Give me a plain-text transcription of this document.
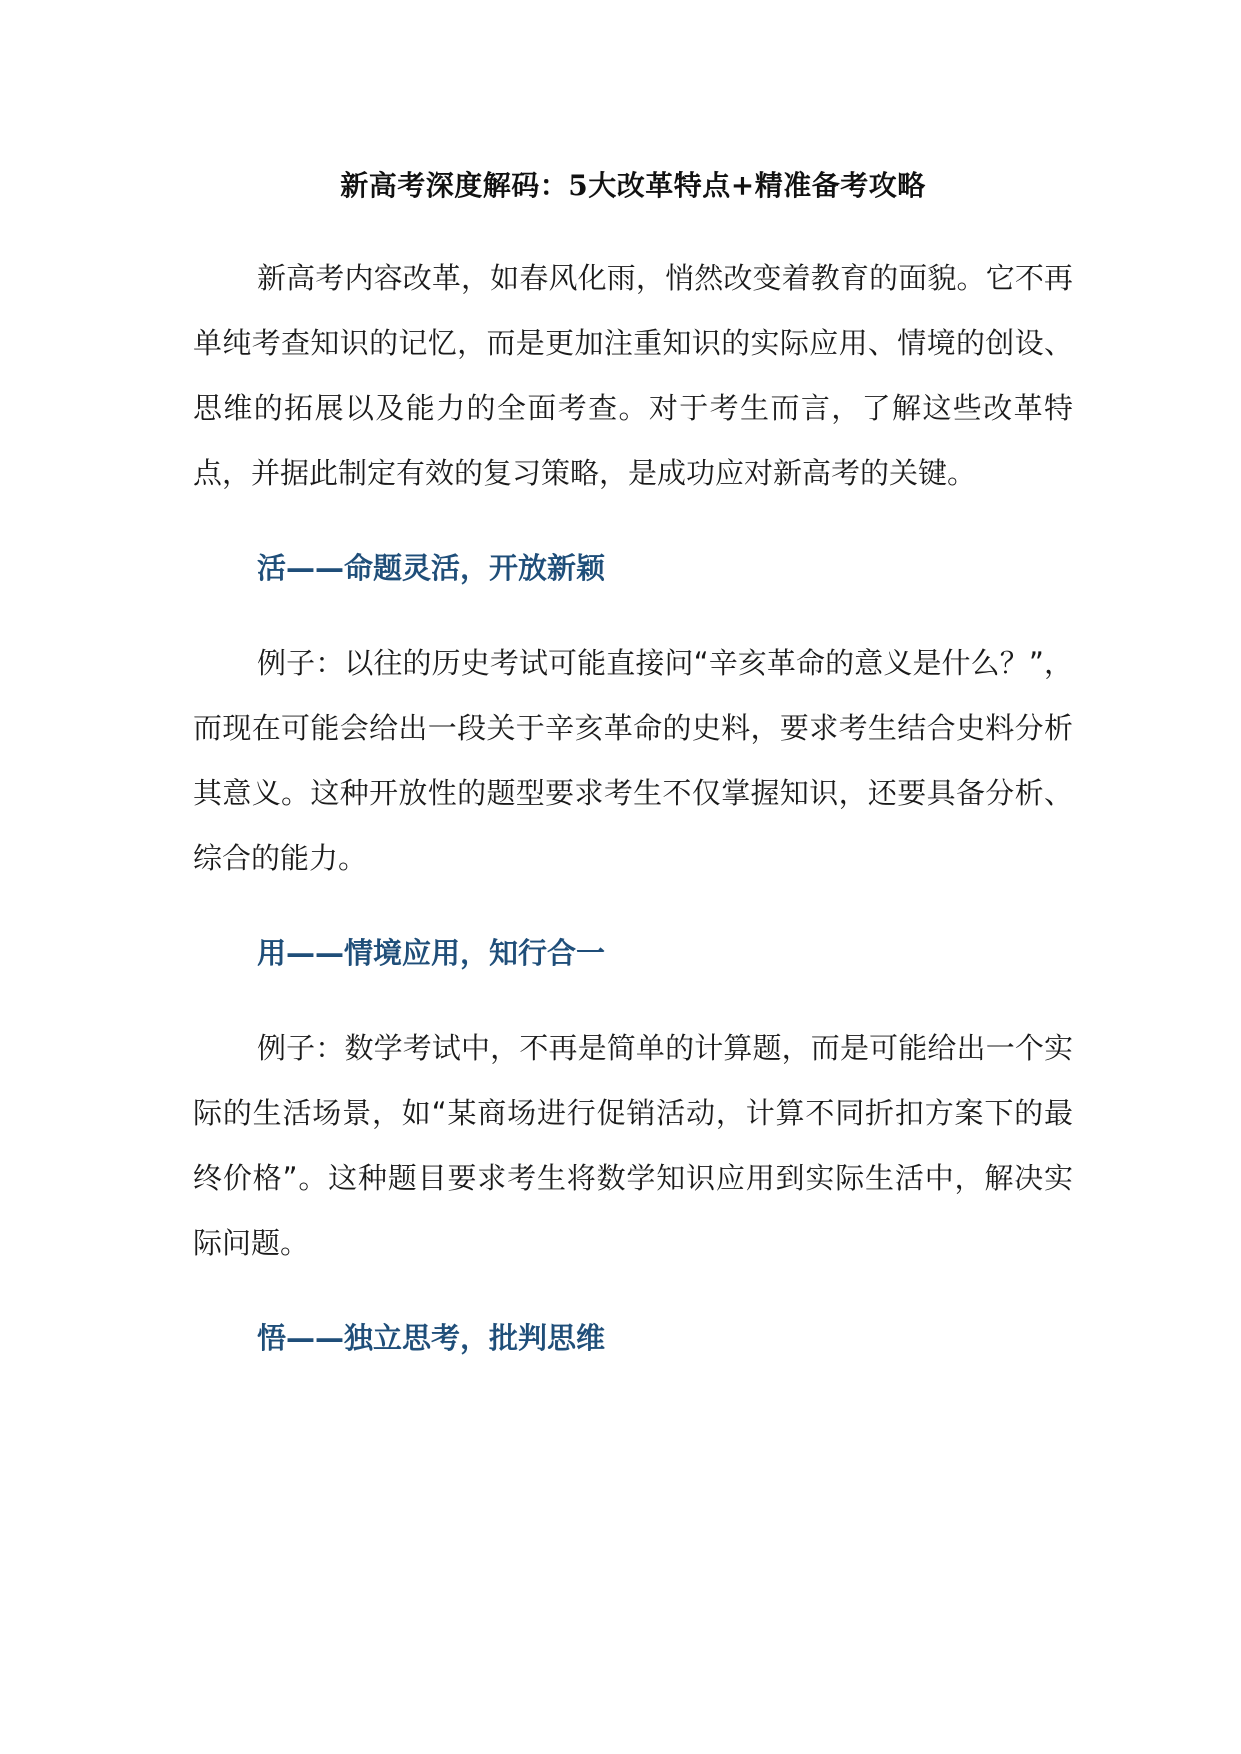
新高考深度解码：5大改革特点+精准备考攻略

新高考内容改革，如春风化雨，悄然改变着教育的面貌。它不再单纯考查知识的记忆，而是更加注重知识的实际应用、情境的创设、思维的拓展以及能力的全面考查。对于考生而言，了解这些改革特点，并据此制定有效的复习策略，是成功应对新高考的关键。

活——命题灵活，开放新颖

例子：以往的历史考试可能直接问“辛亥革命的意义是什么？”，而现在可能会给出一段关于辛亥革命的史料，要求考生结合史料分析其意义。这种开放性的题型要求考生不仅掌握知识，还要具备分析、综合的能力。

用——情境应用，知行合一

例子：数学考试中，不再是简单的计算题，而是可能给出一个实际的生活场景，如“某商场进行促销活动，计算不同折扣方案下的最终价格”。这种题目要求考生将数学知识应用到实际生活中，解决实际问题。

悟——独立思考，批判思维
